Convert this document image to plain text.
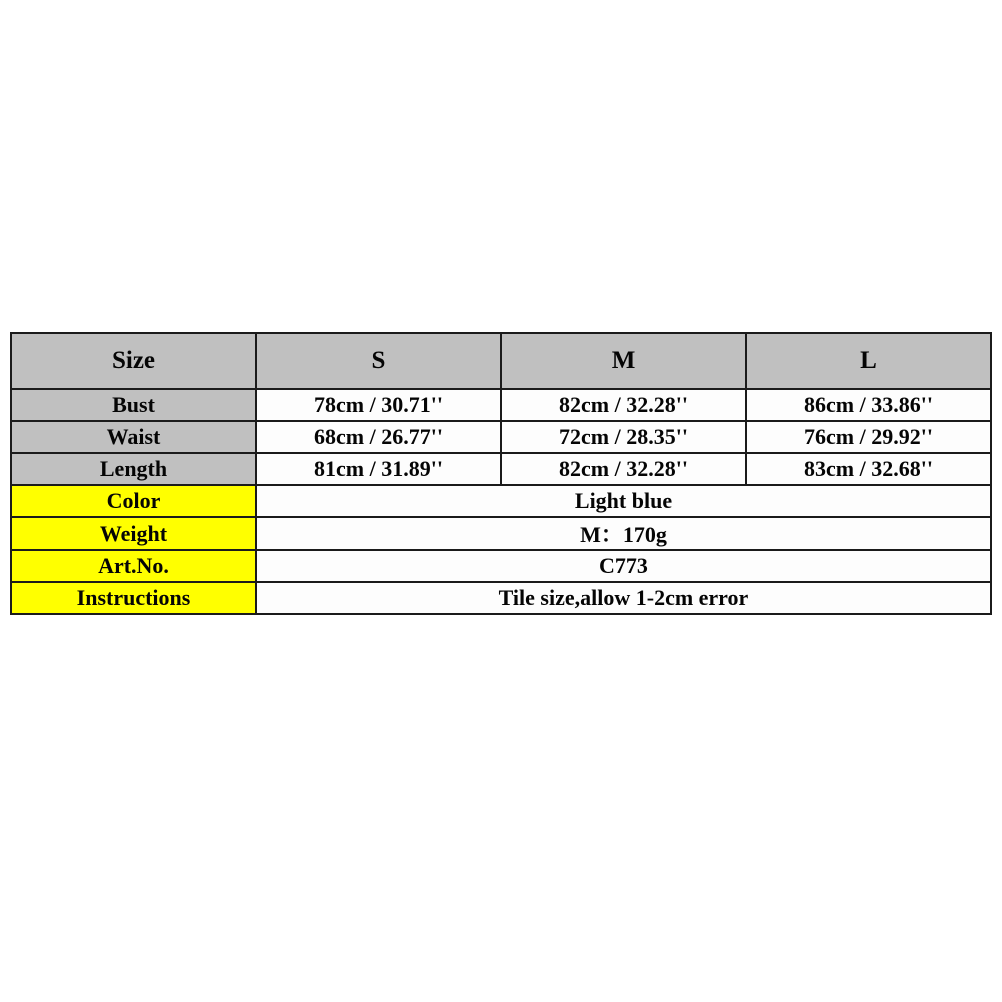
Size	S	M	L
Bust	78cm / 30.71''	82cm / 32.28''	86cm / 33.86''
Waist	68cm / 26.77''	72cm / 28.35''	76cm / 29.92''
Length	81cm / 31.89''	82cm / 32.28''	83cm / 32.68''
Color	Light blue		
Weight	M：170g		
Art.No.	C773		
Instructions	Tile size,allow 1-2cm error		
